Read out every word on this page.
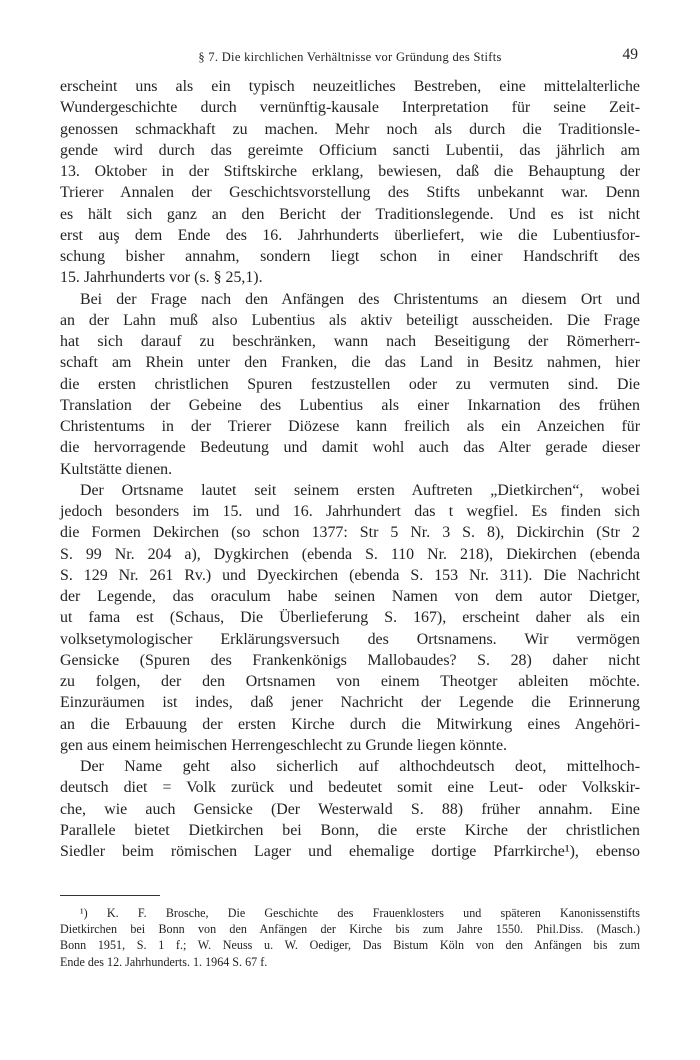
§ 7. Die kirchlichen Verhältnisse vor Gründung des Stifts	49
erscheint uns als ein typisch neuzeitliches Bestreben, eine mittelalterliche
Wundergeschichte durch vernünftig-kausale Interpretation für seine Zeit-
genossen schmackhaft zu machen. Mehr noch als durch die Traditionsle-
gende wird durch das gereimte Officium sancti Lubentii, das jährlich am
13. Oktober in der Stiftskirche erklang, bewiesen, daß die Behauptung der
Trierer Annalen der Geschichtsvorstellung des Stifts unbekannt war. Denn
es hält sich ganz an den Bericht der Traditionslegende. Und es ist nicht
erst auş dem Ende des 16. Jahrhunderts überliefert, wie die Lubentiusfor-
schung bisher annahm, sondern liegt schon in einer Handschrift des
15. Jahrhunderts vor (s. § 25,1).
Bei der Frage nach den Anfängen des Christentums an diesem Ort und
an der Lahn muß also Lubentius als aktiv beteiligt ausscheiden. Die Frage
hat sich darauf zu beschränken, wann nach Beseitigung der Römerherr-
schaft am Rhein unter den Franken, die das Land in Besitz nahmen, hier
die ersten christlichen Spuren festzustellen oder zu vermuten sind. Die
Translation der Gebeine des Lubentius als einer Inkarnation des frühen
Christentums in der Trierer Diözese kann freilich als ein Anzeichen für
die hervorragende Bedeutung und damit wohl auch das Alter gerade dieser
Kultstätte dienen.
Der Ortsname lautet seit seinem ersten Auftreten „Dietkirchen“, wobei
jedoch besonders im 15. und 16. Jahrhundert das t wegfiel. Es finden sich
die Formen Dekirchen (so schon 1377: Str 5 Nr. 3 S. 8), Dickirchin (Str 2
S. 99 Nr. 204 a), Dygkirchen (ebenda S. 110 Nr. 218), Diekirchen (ebenda
S. 129 Nr. 261 Rv.) und Dyeckirchen (ebenda S. 153 Nr. 311). Die Nachricht
der Legende, das oraculum habe seinen Namen von dem autor Dietger,
ut fama est (Schaus, Die Überlieferung S. 167), erscheint daher als ein
volksetymologischer Erklärungsversuch des Ortsnamens. Wir vermögen
Gensicke (Spuren des Frankenkönigs Mallobaudes? S. 28) daher nicht
zu folgen, der den Ortsnamen von einem Theotger ableiten möchte.
Einzuräumen ist indes, daß jener Nachricht der Legende die Erinnerung
an die Erbauung der ersten Kirche durch die Mitwirkung eines Angehöri-
gen aus einem heimischen Herrengeschlecht zu Grunde liegen könnte.
Der Name geht also sicherlich auf althochdeutsch deot, mittelhoch-
deutsch diet = Volk zurück und bedeutet somit eine Leut- oder Volkskir-
che, wie auch Gensicke (Der Westerwald S. 88) früher annahm. Eine
Parallele bietet Dietkirchen bei Bonn, die erste Kirche der christlichen
Siedler beim römischen Lager und ehemalige dortige Pfarrkirche¹), ebenso
¹) K. F. Brosche, Die Geschichte des Frauenklosters und späteren Kanonissenstifts
Dietkirchen bei Bonn von den Anfängen der Kirche bis zum Jahre 1550. Phil.Diss. (Masch.)
Bonn 1951, S. 1 f.; W. Neuss u. W. Oediger, Das Bistum Köln von den Anfängen bis zum
Ende des 12. Jahrhunderts. 1. 1964 S. 67 f.
